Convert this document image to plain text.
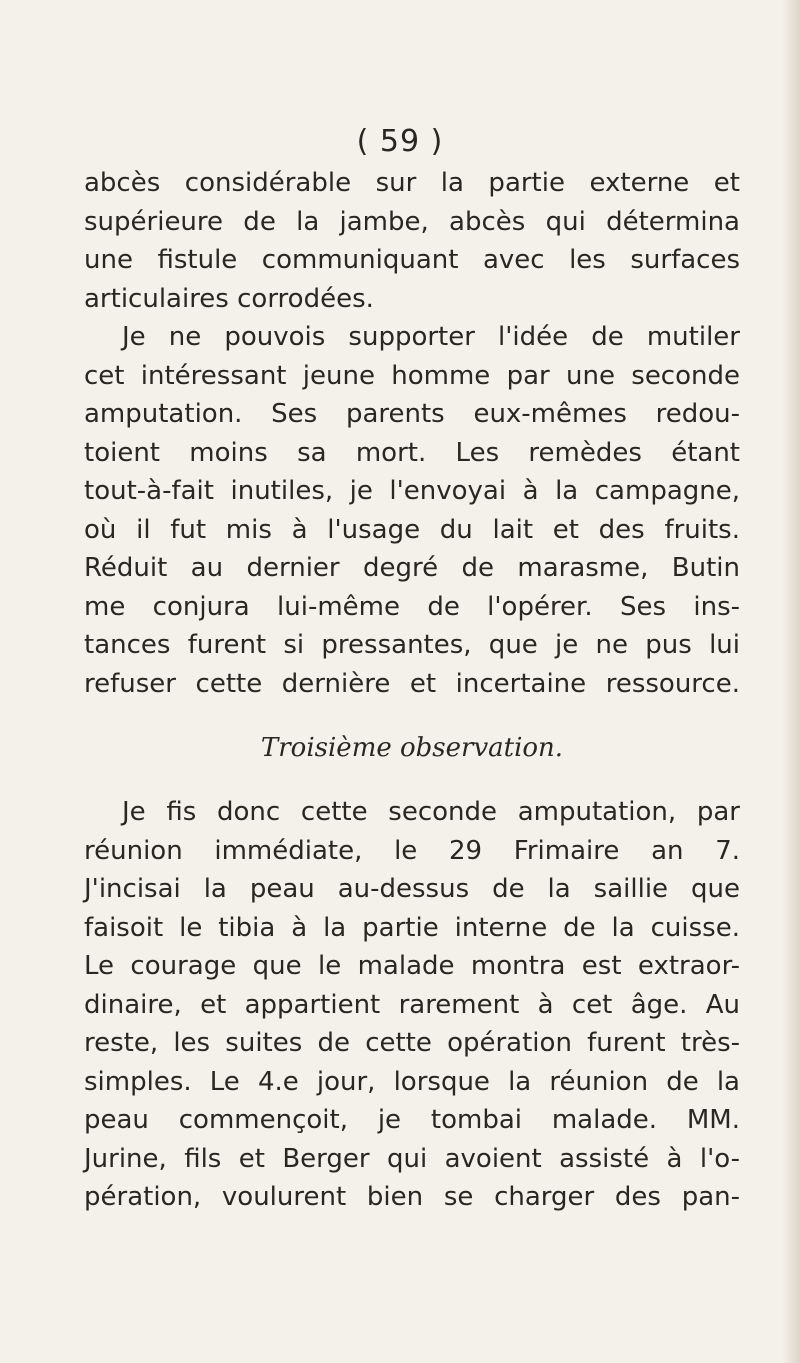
( 59 )
abcès considérable sur la partie externe et
supérieure de la jambe, abcès qui détermina
une fistule communiquant avec les surfaces
articulaires corrodées.
Je ne pouvois supporter l'idée de mutiler
cet intéressant jeune homme par une seconde
amputation. Ses parents eux-mêmes redou-
toient moins sa mort. Les remèdes étant
tout-à-fait inutiles, je l'envoyai à la campagne,
où il fut mis à l'usage du lait et des fruits.
Réduit au dernier degré de marasme, Butin
me conjura lui-même de l'opérer. Ses ins-
tances furent si pressantes, que je ne pus lui
refuser cette dernière et incertaine ressource.
Troisième observation.
Je fis donc cette seconde amputation, par
réunion immédiate, le 29 Frimaire an 7.
J'incisai la peau au-dessus de la saillie que
faisoit le tibia à la partie interne de la cuisse.
Le courage que le malade montra est extraor-
dinaire, et appartient rarement à cet âge. Au
reste, les suites de cette opération furent très-
simples. Le 4.e jour, lorsque la réunion de la
peau commençoit, je tombai malade. MM.
Jurine, fils et Berger qui avoient assisté à l'o-
pération, voulurent bien se charger des pan-
